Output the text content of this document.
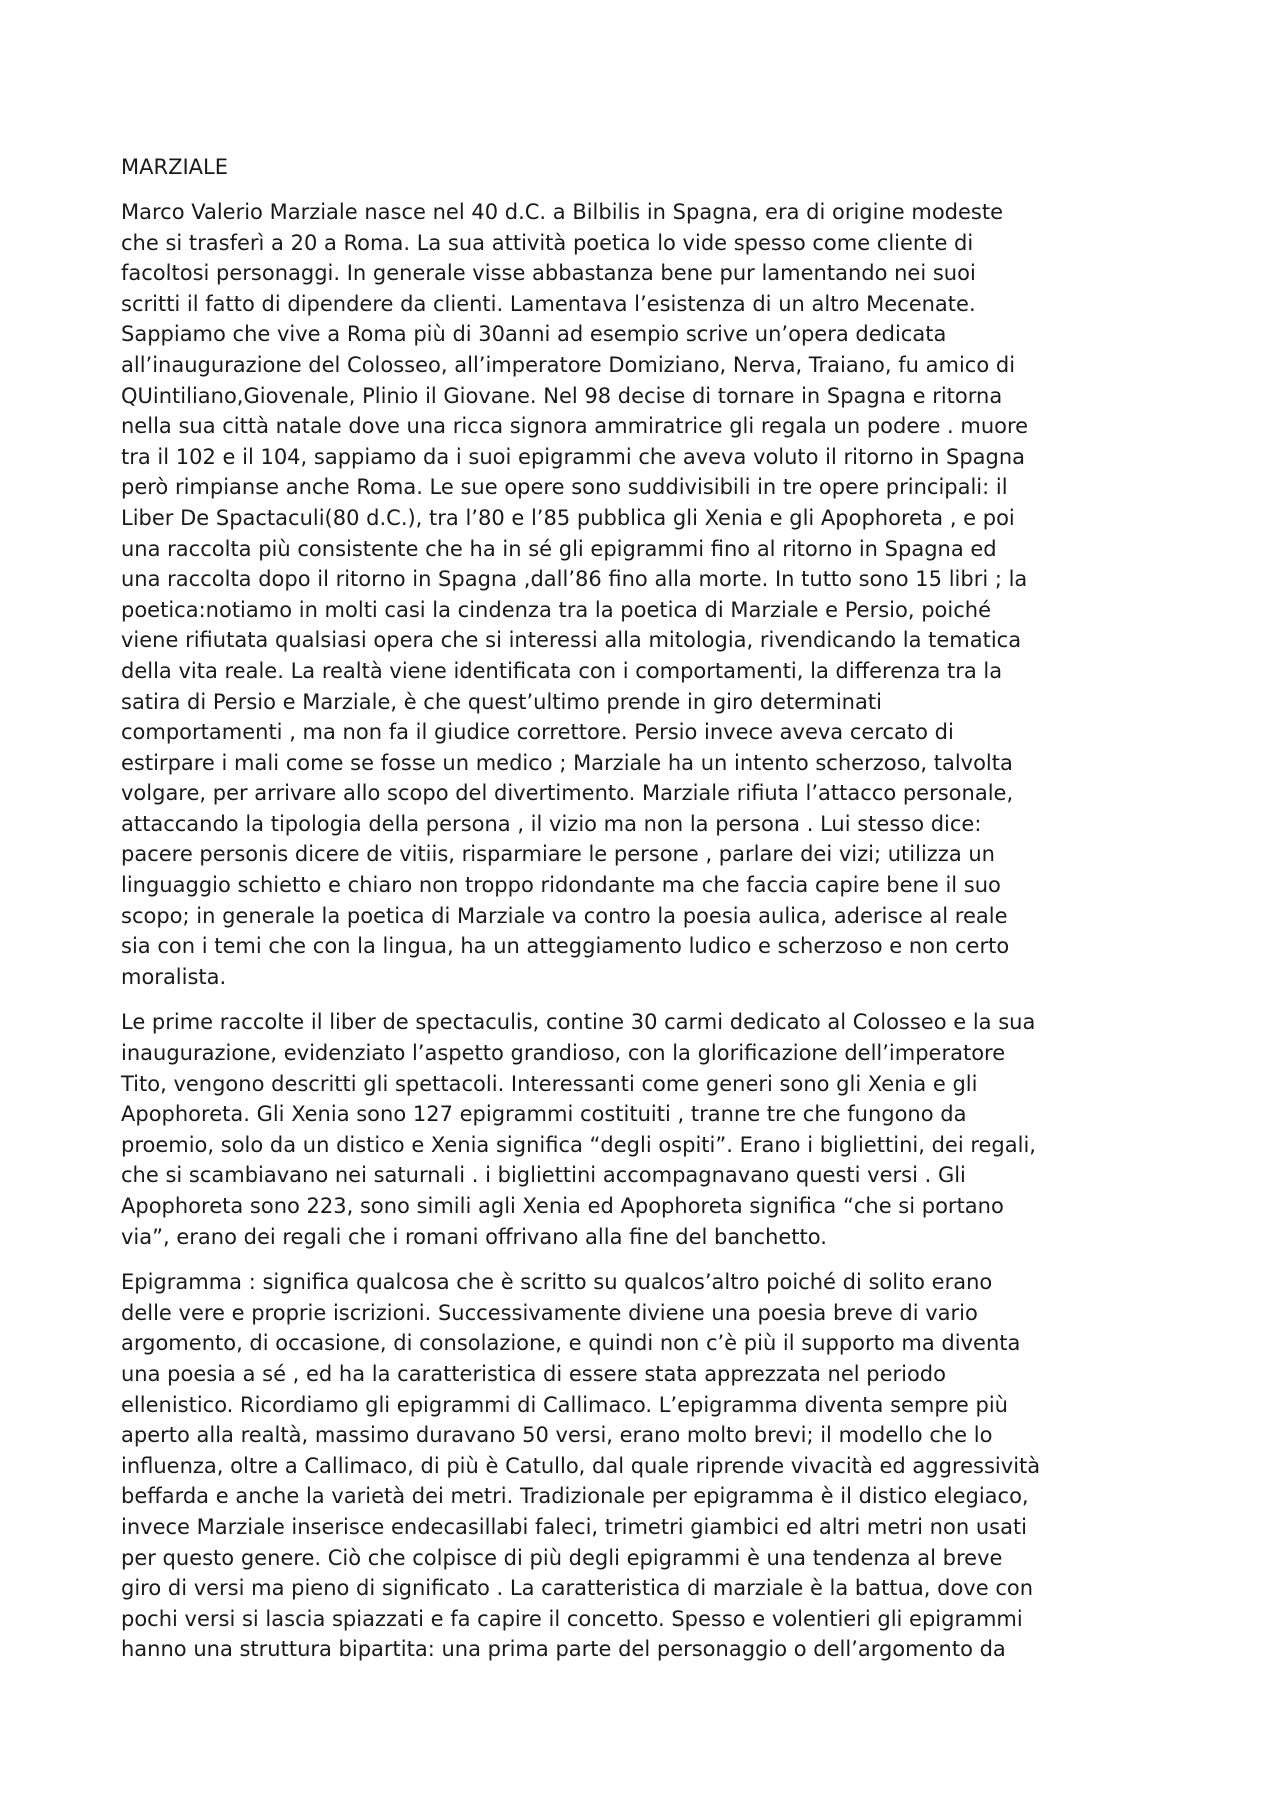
MARZIALE
Marco Valerio Marziale nasce nel 40 d.C. a Bilbilis in Spagna, era di origine modeste
che si trasferì a 20 a Roma. La sua attività poetica lo vide spesso come cliente di
facoltosi personaggi. In generale visse abbastanza bene pur lamentando nei suoi
scritti il fatto di dipendere da clienti. Lamentava l’esistenza di un altro Mecenate.
Sappiamo che vive a Roma più di 30anni ad esempio scrive un’opera dedicata
all’inaugurazione del Colosseo, all’imperatore Domiziano, Nerva, Traiano, fu amico di
QUintiliano,Giovenale, Plinio il Giovane. Nel 98 decise di tornare in Spagna e ritorna
nella sua città natale dove una ricca signora ammiratrice gli regala un podere . muore
tra il 102 e il 104, sappiamo da i suoi epigrammi che aveva voluto il ritorno in Spagna
però rimpianse anche Roma. Le sue opere sono suddivisibili in tre opere principali: il
Liber De Spactaculi(80 d.C.), tra l’80 e l’85 pubblica gli Xenia e gli Apophoreta , e poi
una raccolta più consistente che ha in sé gli epigrammi fino al ritorno in Spagna ed
una raccolta dopo il ritorno in Spagna ,dall’86 fino alla morte. In tutto sono 15 libri ; la
poetica:notiamo in molti casi la cindenza tra la poetica di Marziale e Persio, poiché
viene rifiutata qualsiasi opera che si interessi alla mitologia, rivendicando la tematica
della vita reale. La realtà viene identificata con i comportamenti, la differenza tra la
satira di Persio e Marziale, è che quest’ultimo prende in giro determinati
comportamenti , ma non fa il giudice correttore. Persio invece aveva cercato di
estirpare i mali come se fosse un medico ; Marziale ha un intento scherzoso, talvolta
volgare, per arrivare allo scopo del divertimento. Marziale rifiuta l’attacco personale,
attaccando la tipologia della persona , il vizio ma non la persona . Lui stesso dice:
pacere personis dicere de vitiis, risparmiare le persone , parlare dei vizi; utilizza un
linguaggio schietto e chiaro non troppo ridondante ma che faccia capire bene il suo
scopo; in generale la poetica di Marziale va contro la poesia aulica, aderisce al reale
sia con i temi che con la lingua, ha un atteggiamento ludico e scherzoso e non certo
moralista.
Le prime raccolte il liber de spectaculis, contine 30 carmi dedicato al Colosseo e la sua
inaugurazione, evidenziato l’aspetto grandioso, con la glorificazione dell’imperatore
Tito, vengono descritti gli spettacoli. Interessanti come generi sono gli Xenia e gli
Apophoreta. Gli Xenia sono 127 epigrammi costituiti , tranne tre che fungono da
proemio, solo da un distico e Xenia significa “degli ospiti”. Erano i bigliettini, dei regali,
che si scambiavano nei saturnali . i bigliettini accompagnavano questi versi . Gli
Apophoreta sono 223, sono simili agli Xenia ed Apophoreta significa “che si portano
via”, erano dei regali che i romani offrivano alla fine del banchetto.
Epigramma : significa qualcosa che è scritto su qualcos’altro poiché di solito erano
delle vere e proprie iscrizioni. Successivamente diviene una poesia breve di vario
argomento, di occasione, di consolazione, e quindi non c’è più il supporto ma diventa
una poesia a sé , ed ha la caratteristica di essere stata apprezzata nel periodo
ellenistico. Ricordiamo gli epigrammi di Callimaco. L’epigramma diventa sempre più
aperto alla realtà, massimo duravano 50 versi, erano molto brevi; il modello che lo
influenza, oltre a Callimaco, di più è Catullo, dal quale riprende vivacità ed aggressività
beffarda e anche la varietà dei metri. Tradizionale per epigramma è il distico elegiaco,
invece Marziale inserisce endecasillabi faleci, trimetri giambici ed altri metri non usati
per questo genere. Ciò che colpisce di più degli epigrammi è una tendenza al breve
giro di versi ma pieno di significato . La caratteristica di marziale è la battua, dove con
pochi versi si lascia spiazzati e fa capire il concetto. Spesso e volentieri gli epigrammi
hanno una struttura bipartita: una prima parte del personaggio o dell’argomento da
